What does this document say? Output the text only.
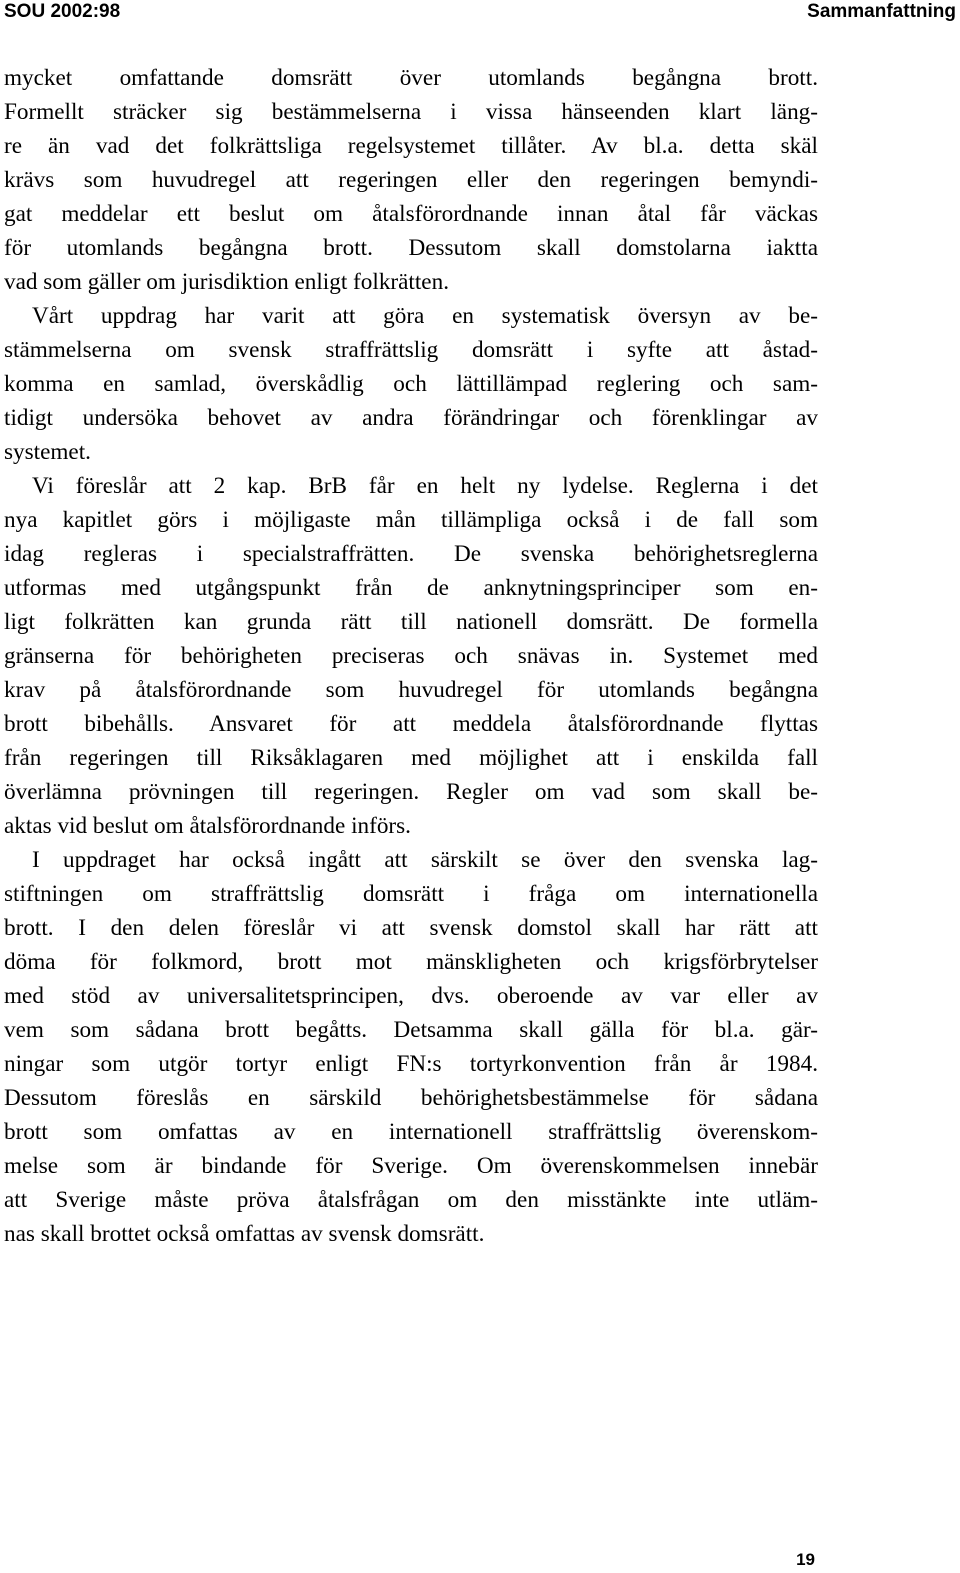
SOU 2002:98	Sammanfattning
mycket omfattande domsrätt över utomlands begångna brott.
Formellt sträcker sig bestämmelserna i vissa hänseenden klart läng-
re än vad det folkrättsliga regelsystemet tillåter. Av bl.a. detta skäl
krävs som huvudregel att regeringen eller den regeringen bemyndi-
gat meddelar ett beslut om åtalsförordnande innan åtal får väckas
för utomlands begångna brott. Dessutom skall domstolarna iaktta
vad som gäller om jurisdiktion enligt folkrätten.
Vårt uppdrag har varit att göra en systematisk översyn av be-
stämmelserna om svensk straffrättslig domsrätt i syfte att åstad-
komma en samlad, överskådlig och lättillämpad reglering och sam-
tidigt undersöka behovet av andra förändringar och förenklingar av
systemet.
Vi föreslår att 2 kap. BrB får en helt ny lydelse. Reglerna i det
nya kapitlet görs i möjligaste mån tillämpliga också i de fall som
idag regleras i specialstraffrätten. De svenska behörighetsreglerna
utformas med utgångspunkt från de anknytningsprinciper som en-
ligt folkrätten kan grunda rätt till nationell domsrätt. De formella
gränserna för behörigheten preciseras och snävas in. Systemet med
krav på åtalsförordnande som huvudregel för utomlands begångna
brott bibehålls. Ansvaret för att meddela åtalsförordnande flyttas
från regeringen till Riksåklagaren med möjlighet att i enskilda fall
överlämna prövningen till regeringen. Regler om vad som skall be-
aktas vid beslut om åtalsförordnande införs.
I uppdraget har också ingått att särskilt se över den svenska lag-
stiftningen om straffrättslig domsrätt i fråga om internationella
brott. I den delen föreslår vi att svensk domstol skall har rätt att
döma för folkmord, brott mot mänskligheten och krigsförbrytelser
med stöd av universalitetsprincipen, dvs. oberoende av var eller av
vem som sådana brott begåtts. Detsamma skall gälla för bl.a. gär-
ningar som utgör tortyr enligt FN:s tortyrkonvention från år 1984.
Dessutom föreslås en särskild behörighetsbestämmelse för sådana
brott som omfattas av en internationell straffrättslig överenskom-
melse som är bindande för Sverige. Om överenskommelsen innebär
att Sverige måste pröva åtalsfrågan om den misstänkte inte utläm-
nas skall brottet också omfattas av svensk domsrätt.
19
